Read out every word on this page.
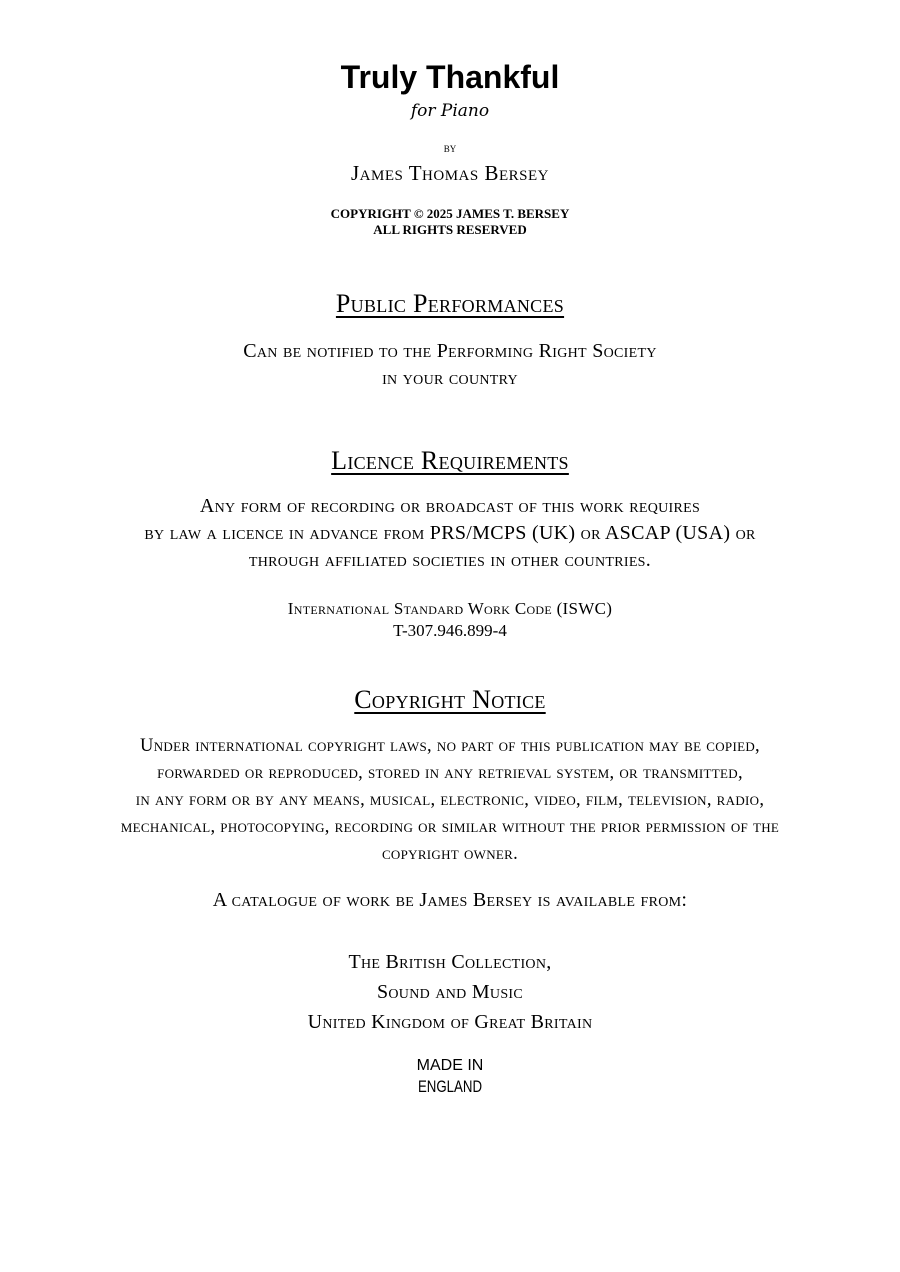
Truly Thankful
for Piano
by
James Thomas Bersey
COPYRIGHT © 2025 JAMES T. BERSEY
ALL RIGHTS RESERVED
Public Performances
Can be notified to the Performing Right Society
in your country
Licence Requirements
Any form of recording or broadcast of this work requires
by law a licence in advance from PRS/MCPS (UK) or ASCAP (USA) or
through affiliated societies in other countries.
International Standard Work Code (ISWC)
T-307.946.899-4
Copyright Notice
Under international copyright laws, no part of this publication may be copied,
forwarded or reproduced, stored in any retrieval system, or transmitted,
in any form or by any means, musical, electronic, video, film, television, radio,
mechanical, photocopying, recording or similar without the prior permission of the
copyright owner.
A catalogue of work be James Bersey is available from:
The British Collection,
Sound and Music
United Kingdom of Great Britain
MADE IN
ENGLAND
